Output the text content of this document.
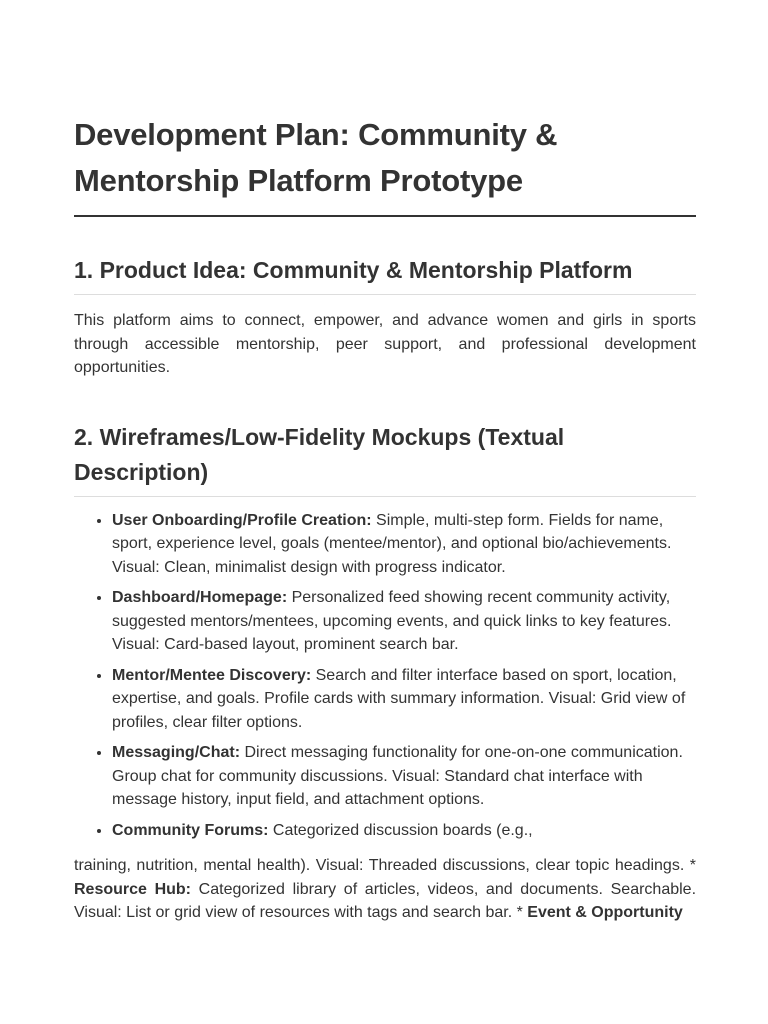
Development Plan: Community & Mentorship Platform Prototype
1. Product Idea: Community & Mentorship Platform

This platform aims to connect, empower, and advance women and girls in sports through accessible mentorship, peer support, and professional development opportunities.

2. Wireframes/Low-Fidelity Mockups (Textual Description)
• User Onboarding/Profile Creation: Simple, multi-step form. Fields for name, sport, experience level, goals (mentee/mentor), and optional bio/achievements. Visual: Clean, minimalist design with progress indicator.
• Dashboard/Homepage: Personalized feed showing recent community activity, suggested mentors/mentees, upcoming events, and quick links to key features. Visual: Card-based layout, prominent search bar.
• Mentor/Mentee Discovery: Search and filter interface based on sport, location, expertise, and goals. Profile cards with summary information. Visual: Grid view of profiles, clear filter options.
• Messaging/Chat: Direct messaging functionality for one-on-one communication. Group chat for community discussions. Visual: Standard chat interface with message history, input field, and attachment options.
• Community Forums: Categorized discussion boards (e.g.,

training, nutrition, mental health). Visual: Threaded discussions, clear topic headings. * Resource Hub: Categorized library of articles, videos, and documents. Searchable. Visual: List or grid view of resources with tags and search bar. * Event & Opportunity
